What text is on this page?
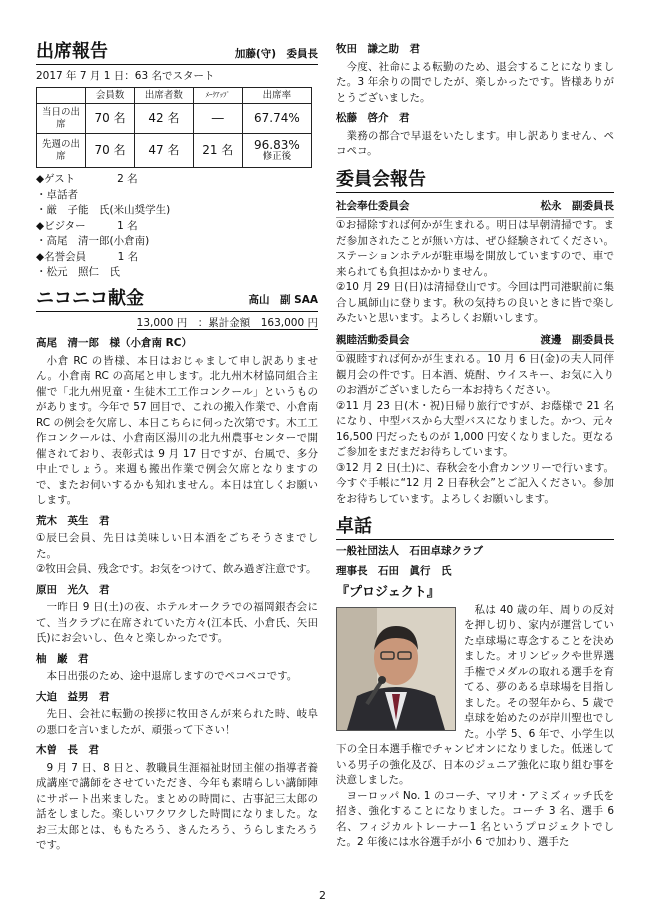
出席報告	加藤(守)　委員長

2017 年 7 月 1 日：63 名でスタート

	会員数	出席者数	ﾒｰｸｱｯﾌﾟ	出席率
当日の出席	70 名	42 名	―	67.74%
先週の出席	70 名	47 名	21 名	96.83%
修正後

◆ゲスト　　　　2 名

・卓話者

・厳　子能　氏(米山奨学生)

◆ビジター　　　1 名

・高尾　清一郎(小倉南)

◆名誉会員　　　1 名

・松元　照仁　氏

ニコニコ献金	高山　副 SAA
13,000 円　：累計金額　163,000 円
高尾　清一郎　様（小倉南 RC）

小倉 RC の皆様、本日はおじゃまして申し訳ありません。小倉南 RC の高尾と申します。北九州木材協同組合主催で「北九州児童・生徒木工工作コンクール」というものがあります。今年で 57 回目で、これの搬入作業で、小倉南 RC の例会を欠席し、本日こちらに伺った次第です。木工工作コンクールは、小倉南区湯川の北九州農事センターで開催されており、表彰式は 9 月 17 日ですが、台風で、多分中止でしょう。来週も搬出作業で例会欠席となりますので、またお伺いするかも知れません。本日は宜しくお願いします。

荒木　英生　君

①辰巳会員、先日は美味しい日本酒をごちそうさまでした。

②牧田会員、残念です。お気をつけて、飲み過ぎ注意です。

原田　光久　君

一昨日 9 日(土)の夜、ホテルオークラでの福岡銀杏会にて、当クラブに在席されていた方々(江本氏、小倉氏、矢田氏)にお会いし、色々と楽しかったです。

柚　巌　君

本日出張のため、途中退席しますのでペコペコです。

大迫　益男　君

先日、会社に転勤の挨拶に牧田さんが来られた時、岐阜の悪口を言いましたが、頑張って下さい！

木曽　長　君

9 月 7 日、8 日と、教職員生涯福祉財団主催の指導者養成講座で講師をさせていただき、今年も素晴らしい講師陣にサポート出来ました。まとめの時間に、古事記三太郎の話をしました。楽しいワクワクした時間になりました。なお三太郎とは、ももたろう、きんたろう、うらしまたろうです。

牧田　謙之助　君

今度、社命による転勤のため、退会することになりました。3 年余りの間でしたが、楽しかったです。皆様ありがとうございました。

松藤　啓介　君

業務の都合で早退をいたします。申し訳ありません、ペコペコ。

委員会報告
社会奉仕委員会	松永　副委員長

①お掃除すれば何かが生まれる。明日は早朝清掃です。まだ参加されたことが無い方は、ぜひ経験されてください。ステーションホテルが駐車場を開放していますので、車で来られても負担はかかりません。

②10 月 29 日(日)は清掃登山です。今回は門司港駅前に集合し風師山に登ります。秋の気持ちの良いときに皆で楽しみたいと思います。よろしくお願いします。

親睦活動委員会	渡邊　副委員長

①親睦すれば何かが生まれる。10 月 6 日(金)の夫人同伴観月会の件です。日本酒、焼酎、ウイスキー、お気に入りのお酒がございましたら一本お持ちください。

②11 月 23 日(木・祝)日帰り旅行ですが、お蔭様で 21 名になり、中型バスから大型バスになりました。かつ、元々16,500 円だったものが 1,000 円安くなりました。更なるご参加をまだまだお待ちしています。

③12 月 2 日(土)に、春秋会を小倉カンツリーで行います。今すぐ手帳に“12 月 2 日春秋会”とご記入ください。参加をお待ちしています。よろしくお願いします。

卓話
一般社団法人　石田卓球クラブ
理事長　石田　眞行　氏
『プロジェクト』

私は 40 歳の年、周りの反対を押し切り、家内が運営していた卓球場に専念することを決めました。オリンピックや世界選手権でメダルの取れる選手を育てる、夢のある卓球場を目指しました。その翌年から、5 歳で卓球を始めたのが岸川聖也でした。小学 5、6 年で、小学生以下の全日本選手権でチャンピオンになりました。低迷している男子の強化及び、日本のジュニア強化に取り組む事を決意しました。

ヨーロッパ No. 1 のコーチ、マリオ・アミズィッチ氏を招き、強化することになりました。コーチ 3 名、選手 6 名、フィジカルトレーナー1 名というプロジェクトでした。2 年後には水谷選手が小 6 で加わり、選手た

2
